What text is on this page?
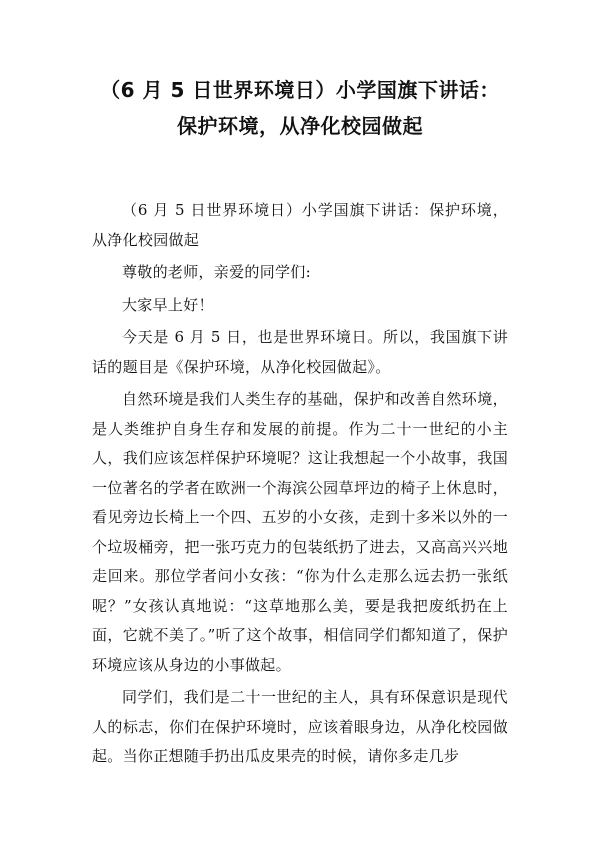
（6 月 5 日世界环境日）小学国旗下讲话：
保护环境，从净化校园做起

（6 月 5 日世界环境日）小学国旗下讲话：保护环境，从净化校园做起

尊敬的老师，亲爱的同学们:

大家早上好！

今天是 6 月 5 日，也是世界环境日。所以，我国旗下讲话的题目是《保护环境，从净化校园做起》。

自然环境是我们人类生存的基础，保护和改善自然环境，是人类维护自身生存和发展的前提。作为二十一世纪的小主人，我们应该怎样保护环境呢？这让我想起一个小故事，我国一位著名的学者在欧洲一个海滨公园草坪边的椅子上休息时，看见旁边长椅上一个四、五岁的小女孩，走到十多米以外的一个垃圾桶旁，把一张巧克力的包装纸扔了进去，又高高兴兴地走回来。那位学者问小女孩：“你为什么走那么远去扔一张纸呢？”女孩认真地说：“这草地那么美，要是我把废纸扔在上面，它就不美了。”听了这个故事，相信同学们都知道了，保护环境应该从身边的小事做起。

同学们，我们是二十一世纪的主人，具有环保意识是现代人的标志，你们在保护环境时，应该着眼身边，从净化校园做起。当你正想随手扔出瓜皮果壳的时候，请你多走几步
